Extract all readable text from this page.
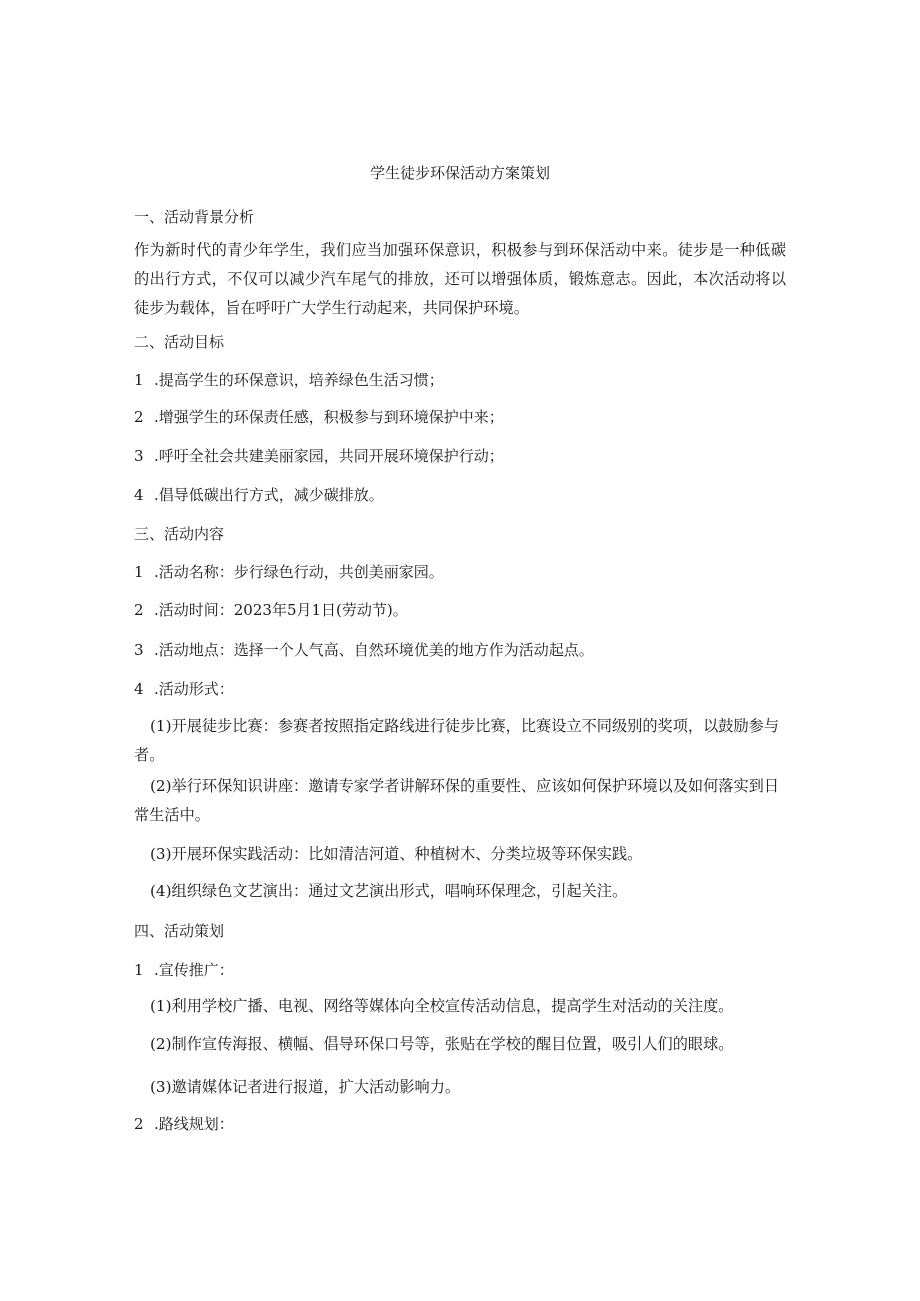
学生徒步环保活动方案策划
一、活动背景分析
作为新时代的青少年学生，我们应当加强环保意识，积极参与到环保活动中来。徒步是一种低碳的出行方式，不仅可以减少汽车尾气的排放，还可以增强体质，锻炼意志。因此，本次活动将以徒步为载体，旨在呼吁广大学生行动起来，共同保护环境。
二、活动目标
1 .提高学生的环保意识，培养绿色生活习惯；
2 .增强学生的环保责任感，积极参与到环境保护中来；
3 .呼吁全社会共建美丽家园，共同开展环境保护行动；
4 .倡导低碳出行方式，减少碳排放。
三、活动内容
1 .活动名称：步行绿色行动，共创美丽家园。
2 .活动时间：2023年5月1日(劳动节)。
3 .活动地点：选择一个人气高、自然环境优美的地方作为活动起点。
4 .活动形式：
(1)开展徒步比赛：参赛者按照指定路线进行徒步比赛，比赛设立不同级别的奖项，以鼓励参与者。
(2)举行环保知识讲座：邀请专家学者讲解环保的重要性、应该如何保护环境以及如何落实到日常生活中。
(3)开展环保实践活动：比如清洁河道、种植树木、分类垃圾等环保实践。
(4)组织绿色文艺演出：通过文艺演出形式，唱响环保理念，引起关注。
四、活动策划
1 .宣传推广：
(1)利用学校广播、电视、网络等媒体向全校宣传活动信息，提高学生对活动的关注度。
(2)制作宣传海报、横幅、倡导环保口号等，张贴在学校的醒目位置，吸引人们的眼球。
(3)邀请媒体记者进行报道，扩大活动影响力。
2 .路线规划：
